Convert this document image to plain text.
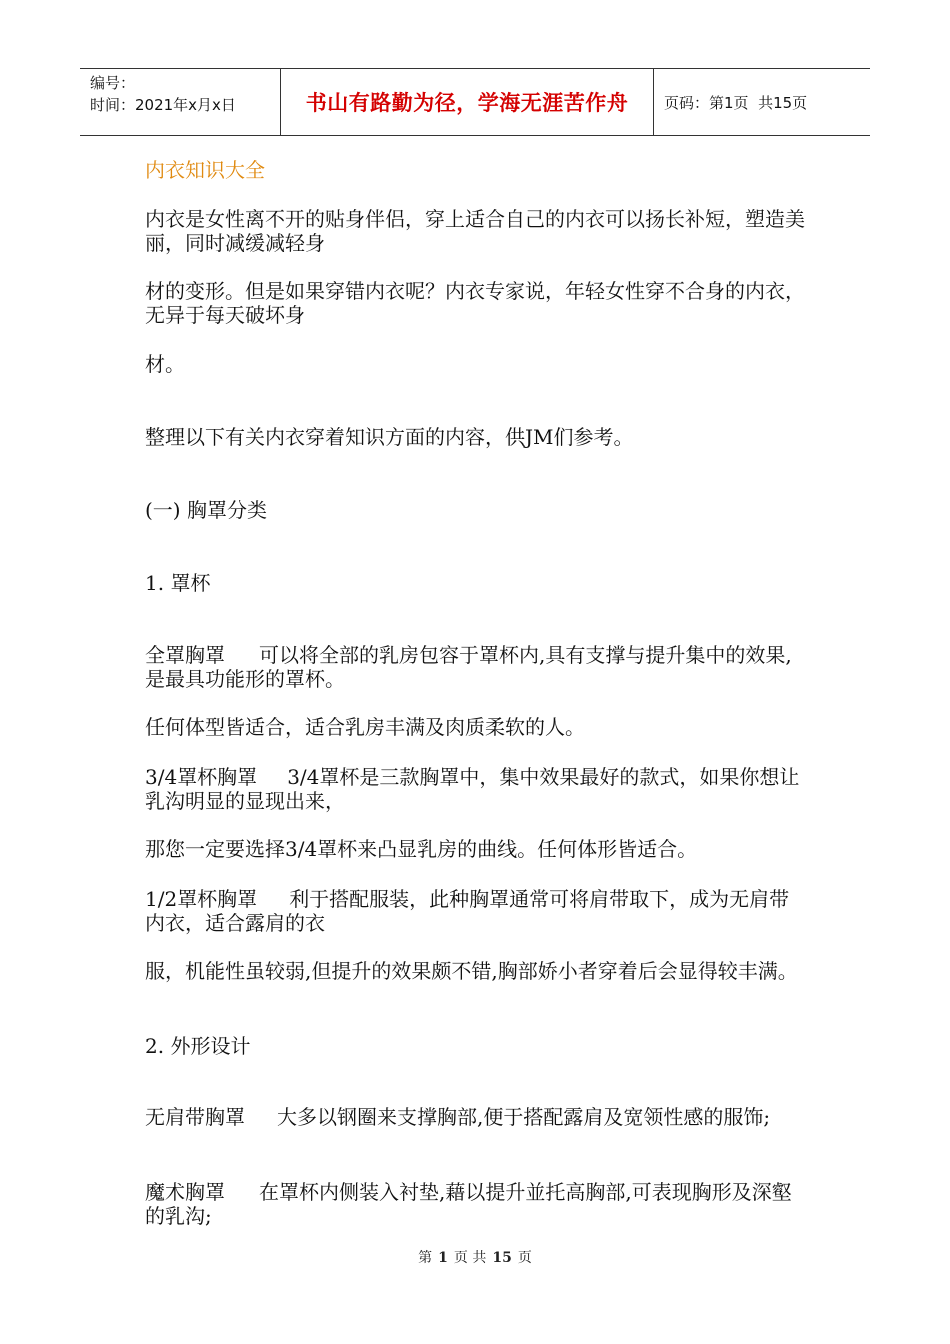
编号：
时间：2021年x月x日	书山有路勤为径，学海无涯苦作舟 页码：第1页  共15页

内衣知识大全

内衣是女性离不开的贴身伴侣，穿上适合自己的内衣可以扬长补短，塑造美丽，同时减缓减轻身

材的变形。但是如果穿错内衣呢？内衣专家说，年轻女性穿不合身的内衣，无异于每天破坏身

材。

整理以下有关内衣穿着知识方面的内容，供JM们参考。

(一) 胸罩分类

1. 罩杯

全罩胸罩 可以将全部的乳房包容于罩杯内,具有支撑与提升集中的效果,是最具功能形的罩杯。

任何体型皆适合，适合乳房丰满及肉质柔软的人。

3/4罩杯胸罩 3/4罩杯是三款胸罩中，集中效果最好的款式，如果你想让乳沟明显的显现出来，

那您一定要选择3/4罩杯来凸显乳房的曲线。任何体形皆适合。

1/2罩杯胸罩 利于搭配服装，此种胸罩通常可将肩带取下，成为无肩带内衣，适合露肩的衣

服，机能性虽较弱,但提升的效果颇不错,胸部娇小者穿着后会显得较丰满。

2. 外形设计

无肩带胸罩 大多以钢圈来支撑胸部,便于搭配露肩及宽领性感的服饰;

魔术胸罩 在罩杯内侧装入衬垫,藉以提升並托高胸部,可表现胸形及深壑的乳沟;

第 1 页 共 15 页
